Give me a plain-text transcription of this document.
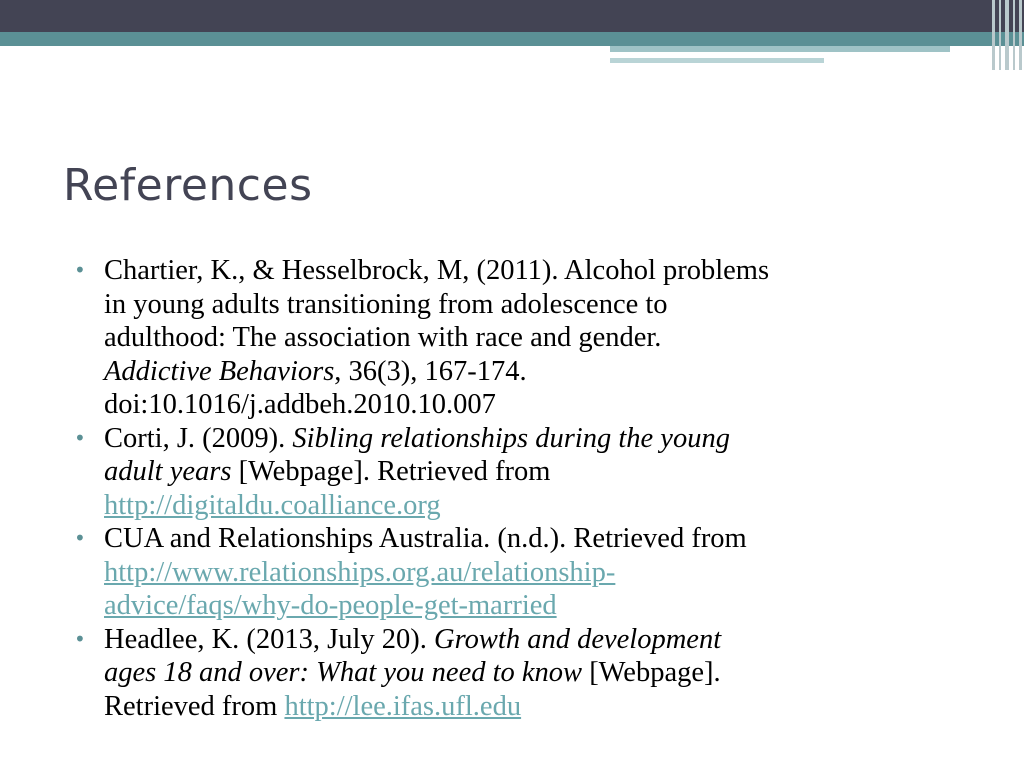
References
• Chartier, K., & Hesselbrock, M, (2011). Alcohol problems
in young adults transitioning from adolescence to
adulthood: The association with race and gender.
Addictive Behaviors, 36(3), 167-174.
doi:10.1016/j.addbeh.2010.10.007
• Corti, J. (2009). Sibling relationships during the young
adult years [Webpage]. Retrieved from
http://digitaldu.coalliance.org
• CUA and Relationships Australia. (n.d.). Retrieved from
http://www.relationships.org.au/relationship-
advice/faqs/why-do-people-get-married
• Headlee, K. (2013, July 20). Growth and development
ages 18 and over: What you need to know [Webpage].
Retrieved from http://lee.ifas.ufl.edu
